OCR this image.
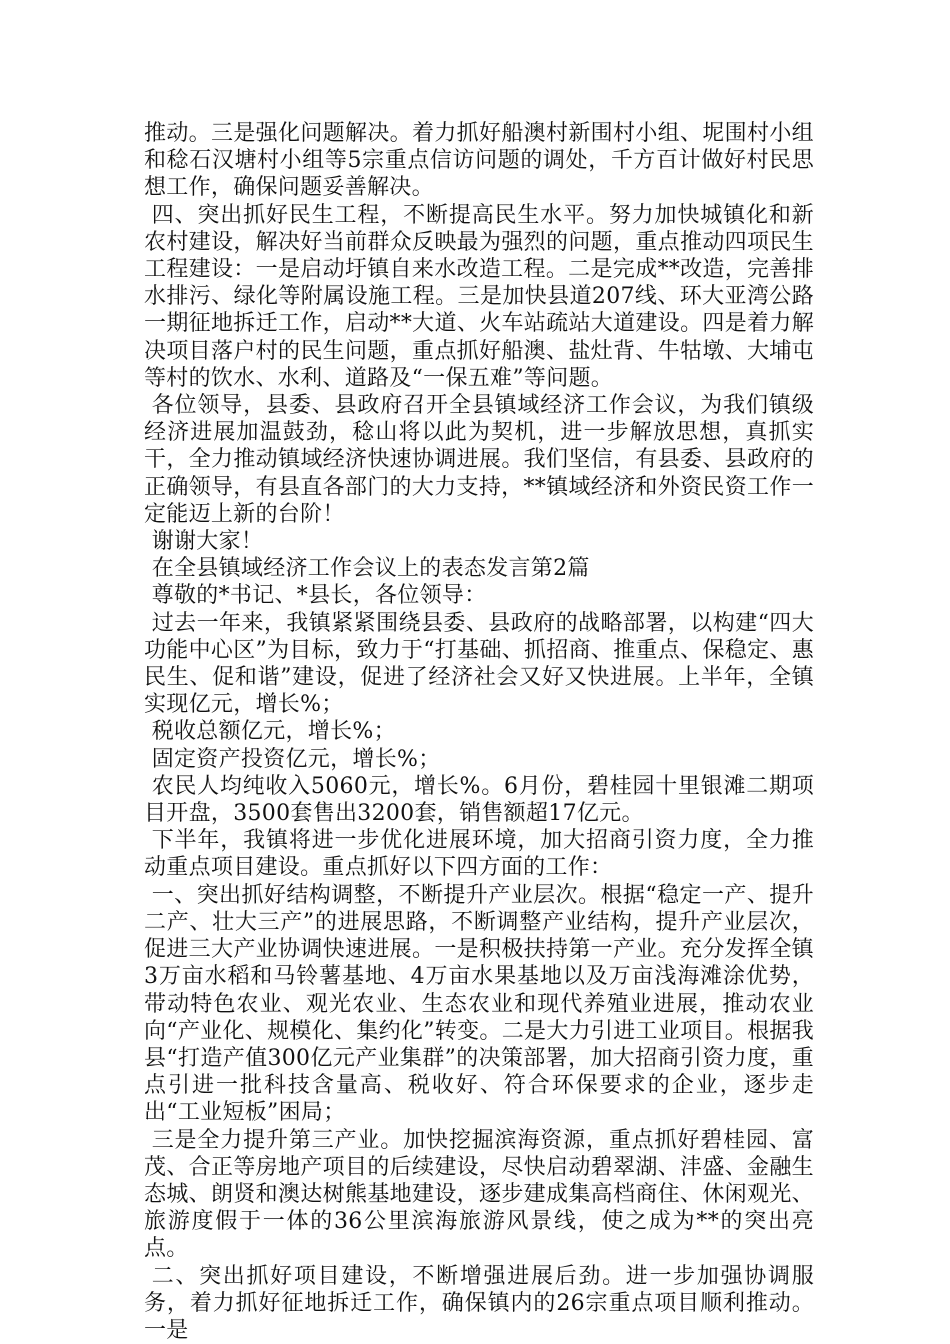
推动。三是强化问题解决。着力抓好船澳村新围村小组、坭围村小组和稔石汉塘村小组等5宗重点信访问题的调处，千方百计做好村民思想工作，确保问题妥善解决。

四、突出抓好民生工程，不断提高民生水平。努力加快城镇化和新农村建设，解决好当前群众反映最为强烈的问题，重点推动四项民生工程建设：一是启动圩镇自来水改造工程。二是完成**改造，完善排水排污、绿化等附属设施工程。三是加快县道207线、环大亚湾公路一期征地拆迁工作，启动**大道、火车站疏站大道建设。四是着力解决项目落户村的民生问题，重点抓好船澳、盐灶背、牛牯墩、大埔屯等村的饮水、水利、道路及“一保五难”等问题。

各位领导，县委、县政府召开全县镇域经济工作会议，为我们镇级经济进展加温鼓劲，稔山将以此为契机，进一步解放思想，真抓实干，全力推动镇域经济快速协调进展。我们坚信，有县委、县政府的正确领导，有县直各部门的大力支持，**镇域经济和外资民资工作一定能迈上新的台阶！

谢谢大家！

在全县镇域经济工作会议上的表态发言第2篇

尊敬的*书记、*县长，各位领导：

过去一年来，我镇紧紧围绕县委、县政府的战略部署，以构建“四大功能中心区”为目标，致力于“打基础、抓招商、推重点、保稳定、惠民生、促和谐”建设，促进了经济社会又好又快进展。上半年，全镇实现亿元，增长%；

税收总额亿元，增长%；

固定资产投资亿元，增长%；

农民人均纯收入5060元，增长%。6月份，碧桂园十里银滩二期项目开盘，3500套售出3200套，销售额超17亿元。

下半年，我镇将进一步优化进展环境，加大招商引资力度，全力推动重点项目建设。重点抓好以下四方面的工作：

一、突出抓好结构调整，不断提升产业层次。根据“稳定一产、提升二产、壮大三产”的进展思路，不断调整产业结构，提升产业层次，促进三大产业协调快速进展。一是积极扶持第一产业。充分发挥全镇3万亩水稻和马铃薯基地、4万亩水果基地以及万亩浅海滩涂优势，带动特色农业、观光农业、生态农业和现代养殖业进展，推动农业向“产业化、规模化、集约化”转变。二是大力引进工业项目。根据我县“打造产值300亿元产业集群”的决策部署，加大招商引资力度，重点引进一批科技含量高、税收好、符合环保要求的企业，逐步走出“工业短板”困局；

三是全力提升第三产业。加快挖掘滨海资源，重点抓好碧桂园、富茂、合正等房地产项目的后续建设，尽快启动碧翠湖、沣盛、金融生态城、朗贤和澳达树熊基地建设，逐步建成集高档商住、休闲观光、旅游度假于一体的36公里滨海旅游风景线，使之成为**的突出亮点。

二、突出抓好项目建设，不断增强进展后劲。进一步加强协调服务，着力抓好征地拆迁工作，确保镇内的26宗重点项目顺利推动。一是
